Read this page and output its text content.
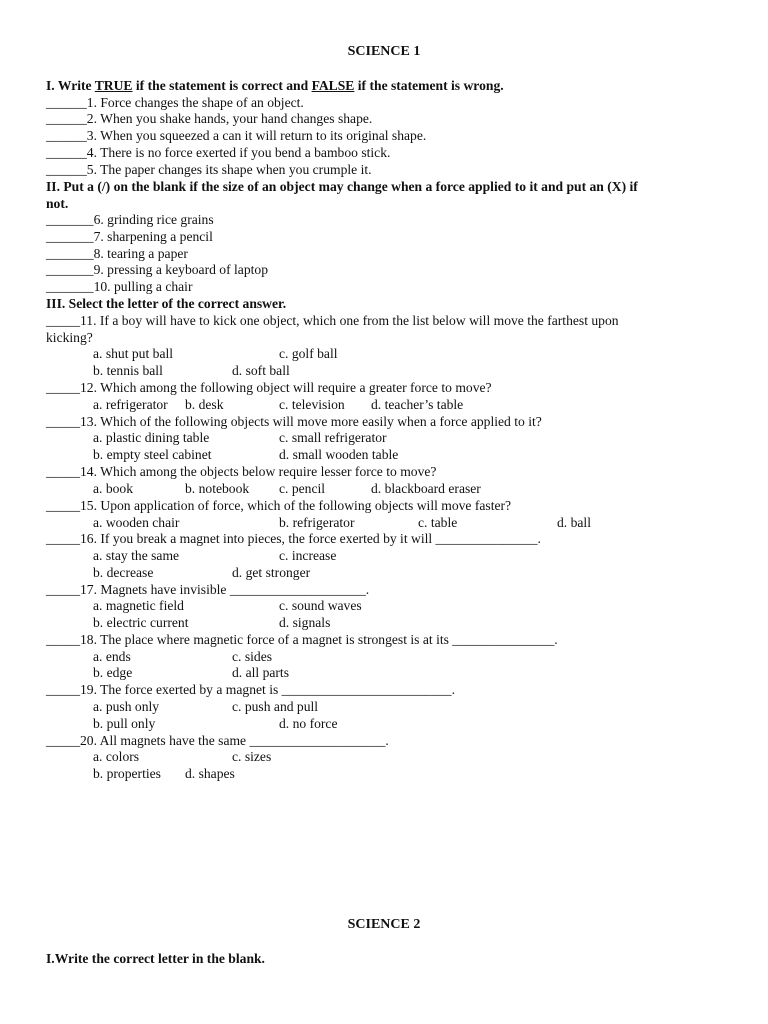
SCIENCE 1
I. Write TRUE if the statement is correct and FALSE if the statement is wrong.
______1. Force changes the shape of an object.
______2. When you shake hands, your hand changes shape.
______3. When you squeezed a can it will return to its original shape.
______4. There is no force exerted if you bend a bamboo stick.
______5. The paper changes its shape when you crumple it.
II. Put a (/) on the blank if the size of an object may change when a force applied to it and put an (X) if
not.
_______6. grinding rice grains
_______7. sharpening a pencil
_______8. tearing a paper
_______9. pressing a keyboard of laptop
_______10. pulling a chair
III. Select the letter of the correct answer.
_____11. If a boy will have to kick one object, which one from the list below will move the farthest upon
kicking?
a. shut put ball	c. golf ball
b. tennis ball	d. soft ball
_____12. Which among the following object will require a greater force to move?
a. refrigerator b. desk	c. television d. teacher’s table
_____13. Which of the following objects will move more easily when a force applied to it?
a. plastic dining table	c. small refrigerator
b. empty steel cabinet	d. small wooden table
_____14. Which among the objects below require lesser force to move?
a. book	b. notebook c. pencil	d. blackboard eraser
_____15. Upon application of force, which of the following objects will move faster?
a. wooden chair	b. refrigerator	c. table	d. ball
_____16. If you break a magnet into pieces, the force exerted by it will _______________.
a. stay the same	c. increase
b. decrease	d. get stronger
_____17. Magnets have invisible ____________________.
a. magnetic field	c. sound waves
b. electric current	d. signals
_____18. The place where magnetic force of a magnet is strongest is at its _______________.
a. ends	c. sides
b. edge	d. all parts
_____19. The force exerted by a magnet is _________________________.
a. push only	c. push and pull
b. pull only	d. no force
_____20. All magnets have the same ____________________.
a. colors	c. sizes
b. properties d. shapes
SCIENCE 2
I.Write the correct letter in the blank.
